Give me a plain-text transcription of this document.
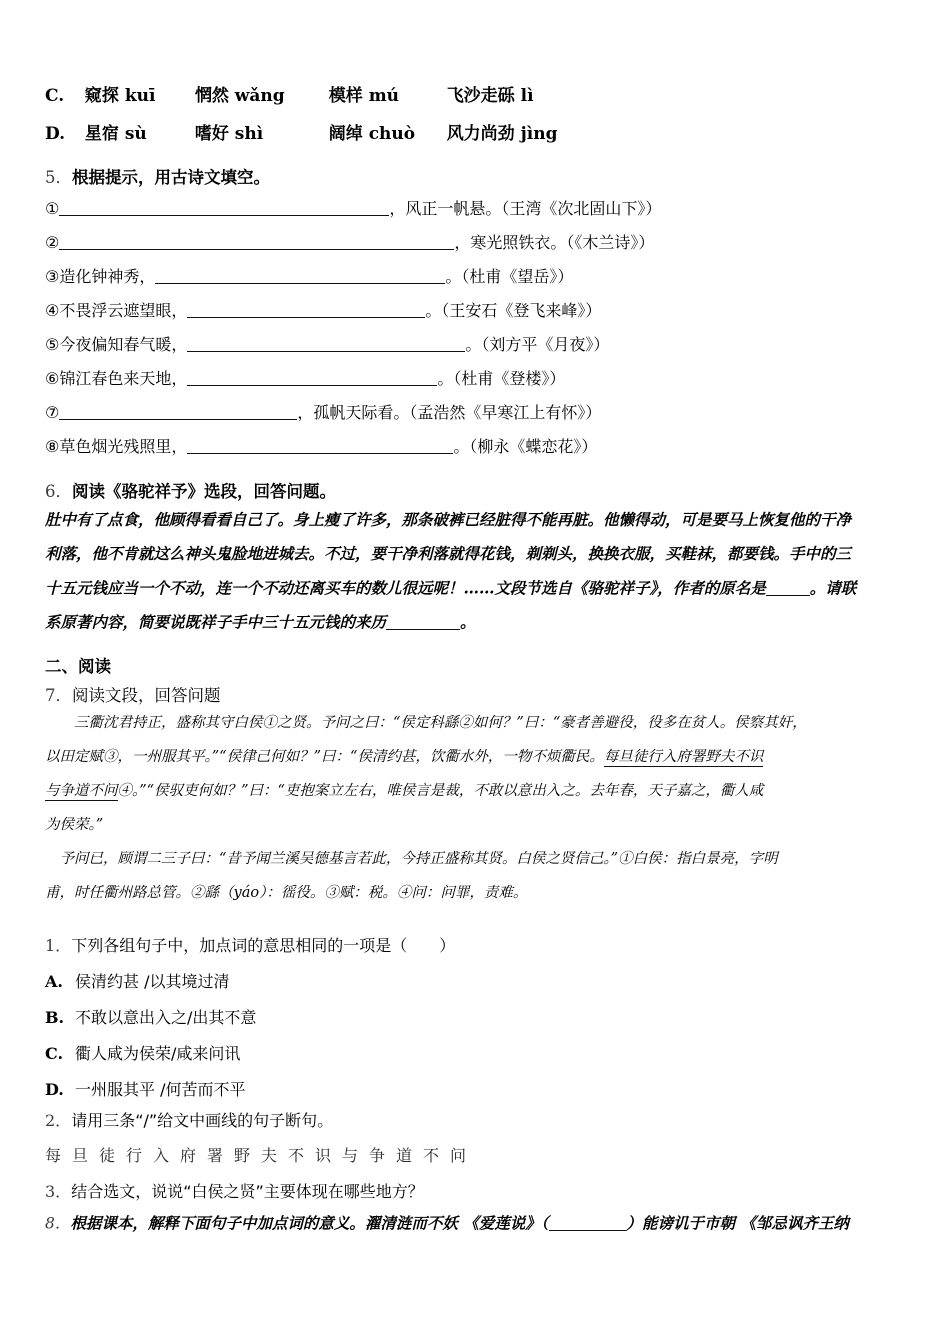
C. 窥探 kuī 惘然 wǎng	模样 mú	飞沙走砾 lì
D. 星宿 sù	嗜好 shì	阔绰 chuò 风力尚劲 jìng
5．根据提示，用古诗文填空。
①	，风正一帆悬。（王湾《次北固山下》）
②	，寒光照铁衣。（《木兰诗》）
③造化钟神秀，	。（杜甫《望岳》）
④不畏浮云遮望眼，	。（王安石《登飞来峰》）
⑤今夜偏知春气暖，	。（刘方平《月夜》）
⑥锦江春色来天地，	。（杜甫《登楼》）
⑦	，孤帆天际看。（孟浩然《早寒江上有怀》）
⑧草色烟光残照里，	。（柳永《蝶恋花》）
6．阅读《骆驼祥予》选段，回答问题。
肚中有了点食，他顾得看看自己了。身上瘦了许多，那条破裤已经脏得不能再脏。他懒得动，可是要马上恢复他的干净
利落，他不肯就这么神头鬼脸地进城去。不过，要干净利落就得花钱，剃剃头，换换衣服，买鞋袜，都要钱。手中的三
十五元钱应当一个不动，连一个不动还离买车的数儿很远呢！……文段节选自《骆驼祥子》，作者的原名是	。请联
系原著内容，简要说既祥子手中三十五元钱的来历	。
二、阅读
7．阅读文段，回答问题
　　三衢沈君持正，盛称其守白侯①之贤。予问之曰：“侯定科繇②如何？”曰：“豪者善避役，役多在贫人。侯察其奸，
以田定赋③，一州服其平。”“侯律己何如？”曰：“侯清约甚，饮衢水外，一物不烦衢民。每旦徒行入府署野夫不识
与争道不问④。”“侯驭吏何如？”曰：“吏抱案立左右，唯侯言是裁，不敢以意出入之。去年春，天子嘉之，衢人咸
为侯荣。”
　予问已，顾谓二三子曰：“昔予闻兰溪吴德基言若此，今持正盛称其贤。白侯之贤信己。”①白侯：指白景亮，字明
甫，时任衢州路总管。②繇（yáo）：徭役。③赋：税。④问：问罪，责难。
1．下列各组句子中，加点词的意思相同的一项是（　　）
A. 侯清约甚 /以其境过清
B. 不敢以意出入之/出其不意
C. 衢人咸为侯荣/咸来问讯
D. 一州服其平 /何苦而不平
2．请用三条“/”给文中画线的句子断句。
每旦徒行入府署野夫不识与争道不问
3．结合选文，说说“白侯之贤”主要体现在哪些地方？
8．根据课本，解释下面句子中加点词的意义。濯清涟而不妖 《爱莲说》（	）能谤讥于市朝 《邹忌讽齐王纳
